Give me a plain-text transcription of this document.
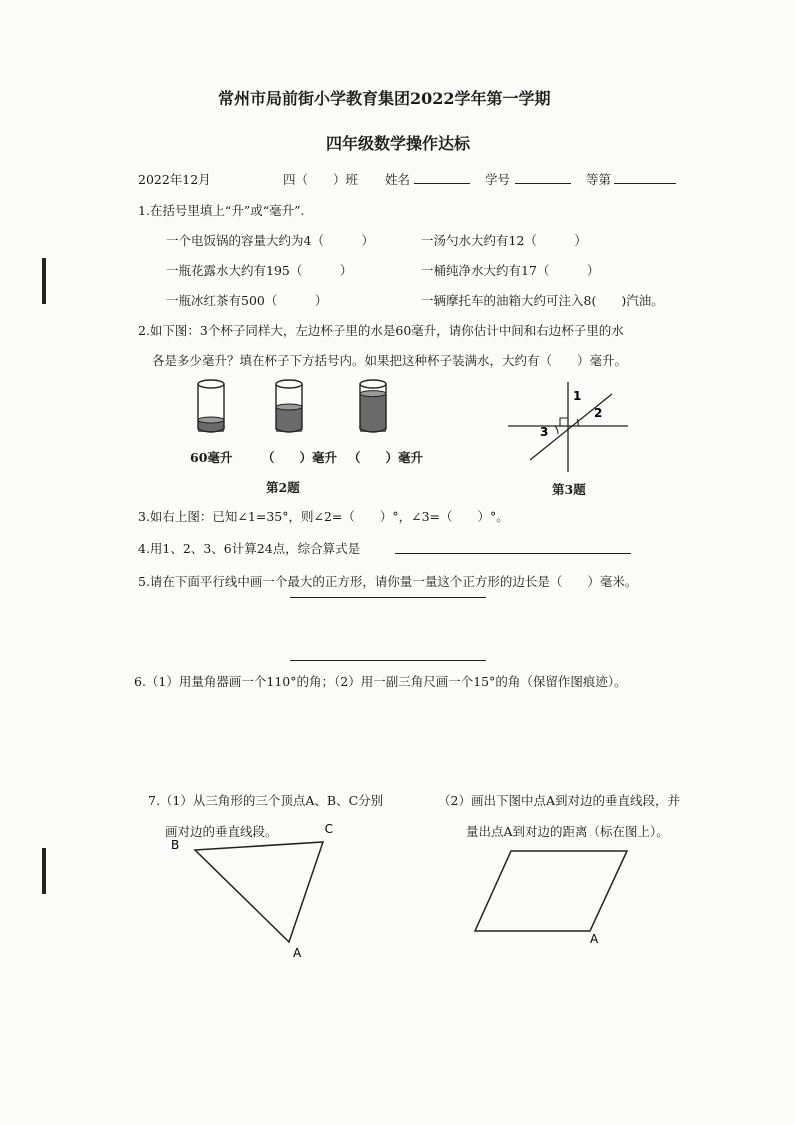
常州市局前街小学教育集团2022学年第一学期
四年级数学操作达标
2022年12月	四（　　）班 姓名	学号	等第
1.在括号里填上“升”或“毫升”.
一个电饭锅的容量大约为4（　　　）	一汤勺水大约有12（　　　）
一瓶花露水大约有195（　　　）	一桶纯净水大约有17（　　　）
一瓶冰红茶有500（　　　）	一辆摩托车的油箱大约可注入8(　　)汽油。
2.如下图：3个杯子同样大，左边杯子里的水是60毫升，请你估计中间和右边杯子里的水
各是多少毫升？填在杯子下方括号内。如果把这种杯子装满水，大约有（　　）毫升。
60毫升 （　　）毫升 （　　）毫升
第2题
1
2
3
第3题
3.如右上图：已知∠1=35°，则∠2=（　　）°，∠3=（　　）°。
4.用1、2、3、6计算24点，综合算式是
5.请在下面平行线中画一个最大的正方形，请你量一量这个正方形的边长是（　　）毫米。
6.（1）用量角器画一个110°的角；（2）用一副三角尺画一个15°的角（保留作图痕迹）。
7.（1）从三角形的三个顶点A、B、C分别
画对边的垂直线段。
（2）画出下图中点A到对边的垂直线段，并
量出点A到对边的距离（标在图上）。
B
C
A
A
